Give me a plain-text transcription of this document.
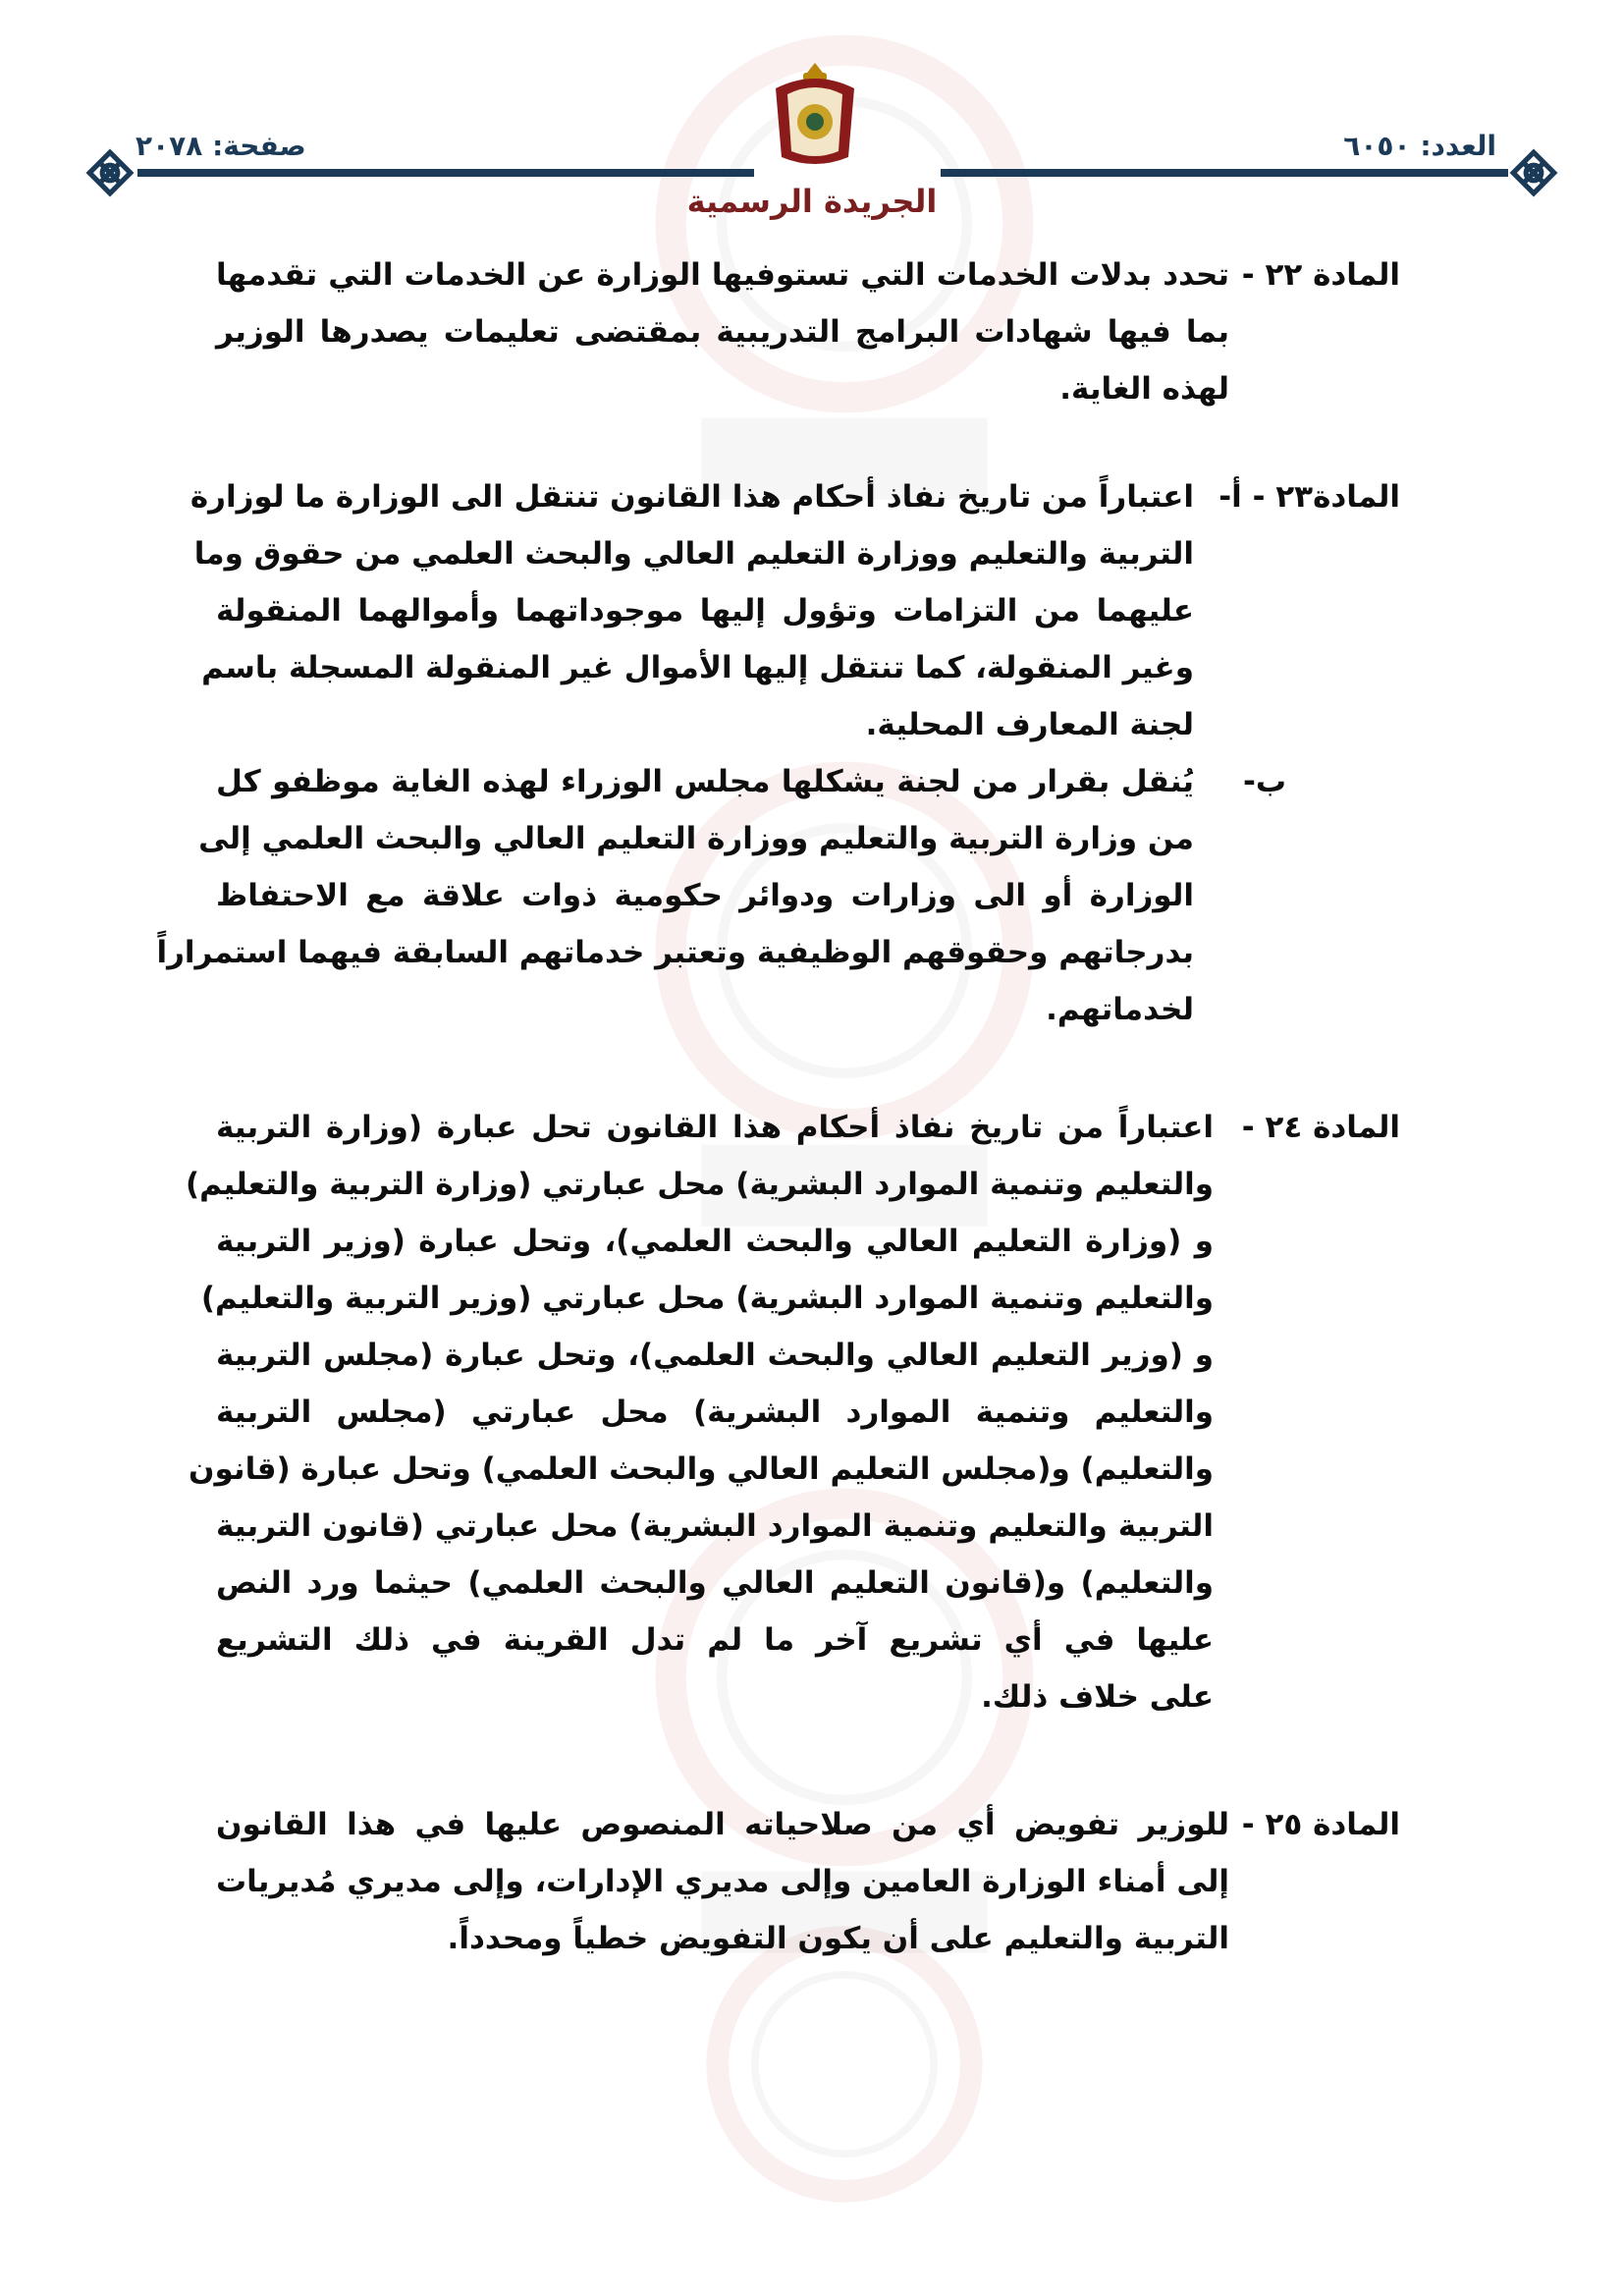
العدد: ٦٠٥٠
صفحة: ٢٠٧٨
الجريدة الرسمية
المادة ٢٢ -
تحدد بدلات الخدمات التي تستوفيها الوزارة عن الخدمات التي تقدمها
بما فيها شهادات البرامج التدريبية بمقتضى تعليمات يصدرها الوزير
لهذه الغاية.
المادة٢٣ - أ-
اعتباراً من تاريخ نفاذ أحكام هذا القانون تنتقل الى الوزارة ما لوزارة
التربية والتعليم ووزارة التعليم العالي والبحث العلمي من حقوق وما
عليهما من التزامات وتؤول إليها موجوداتهما وأموالهما المنقولة
وغير المنقولة، كما تنتقل إليها الأموال غير المنقولة المسجلة باسم
لجنة المعارف المحلية.
ب-
يُنقل بقرار من لجنة يشكلها مجلس الوزراء لهذه الغاية موظفو كل
من وزارة التربية والتعليم ووزارة التعليم العالي والبحث العلمي إلى
الوزارة أو الى وزارات ودوائر حكومية ذوات علاقة مع الاحتفاظ
بدرجاتهم وحقوقهم الوظيفية وتعتبر خدماتهم السابقة فيهما استمراراً
لخدماتهم.
المادة ٢٤ -
اعتباراً من تاريخ نفاذ أحكام هذا القانون تحل عبارة (وزارة التربية
والتعليم وتنمية الموارد البشرية) محل عبارتي (وزارة التربية والتعليم)
و (وزارة التعليم العالي والبحث العلمي)، وتحل عبارة (وزير التربية
والتعليم وتنمية الموارد البشرية) محل عبارتي (وزير التربية والتعليم)
و (وزير التعليم العالي والبحث العلمي)، وتحل عبارة (مجلس التربية
والتعليم وتنمية الموارد البشرية) محل عبارتي (مجلس التربية
والتعليم) و(مجلس التعليم العالي والبحث العلمي) وتحل عبارة (قانون
التربية والتعليم وتنمية الموارد البشرية) محل عبارتي (قانون التربية
والتعليم) و(قانون التعليم العالي والبحث العلمي) حيثما ورد النص
عليها في أي تشريع آخر ما لم تدل القرينة في ذلك التشريع
على خلاف ذلك.
المادة ٢٥ -
للوزير تفويض أي من صلاحياته المنصوص عليها في هذا القانون
إلى أمناء الوزارة العامين وإلى مديري الإدارات، وإلى مديري مُديريات
التربية والتعليم على أن يكون التفويض خطياً ومحدداً.
